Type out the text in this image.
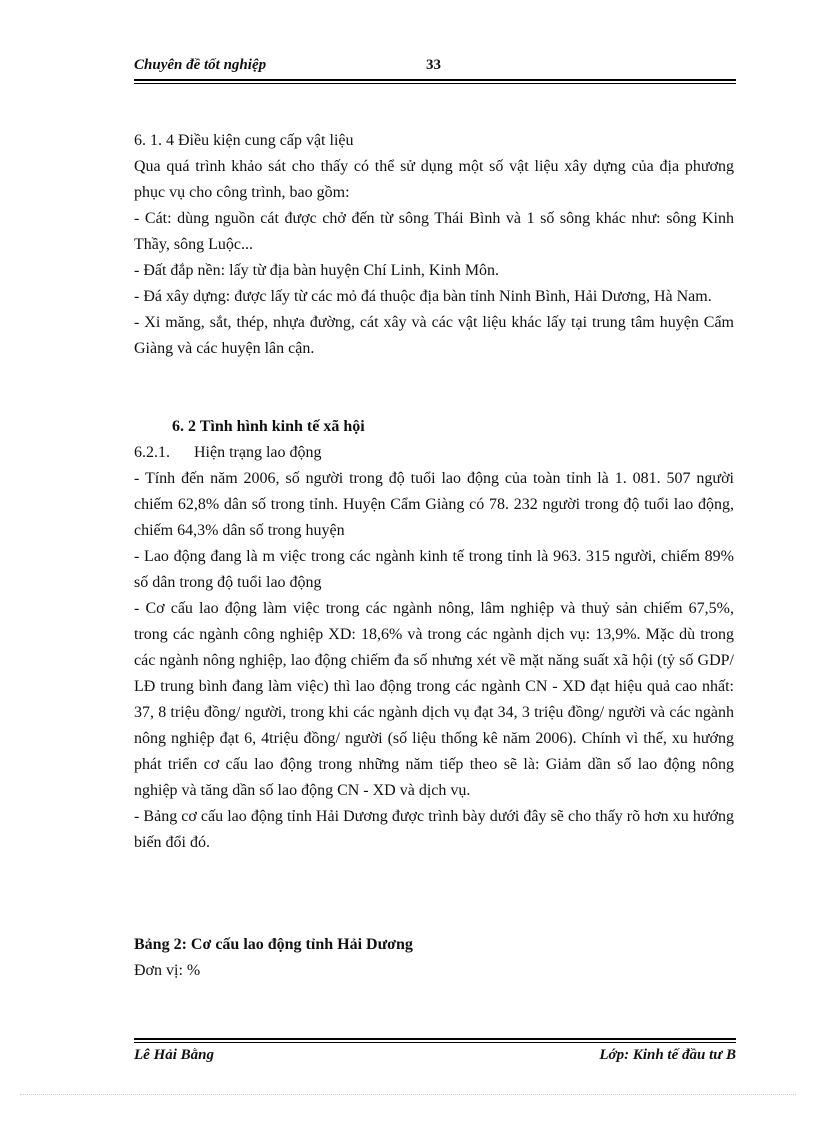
Chuyên đề tốt nghiệp	33

6. 1. 4 Điều kiện cung cấp vật liệu

Qua quá trình khảo sát cho thấy có thể sử dụng một số vật liệu xây dựng của địa phương phục vụ cho công trình, bao gồm:

- Cát: dùng nguồn cát được chở đến từ sông Thái Bình và 1 số sông khác như: sông Kinh Thầy, sông Luộc...

- Đất đắp nền: lấy từ địa bàn huyện Chí Linh, Kinh Môn.

- Đá xây dựng: được lấy từ các mỏ đá thuộc địa bàn tỉnh Ninh Bình, Hải Dương, Hà Nam.

- Xi măng, sắt, thép, nhựa đường, cát xây và các vật liệu khác lấy tại trung tâm huyện Cẩm Giàng và các huyện lân cận.

6. 2 Tình hình kinh tế xã hội

6.2.1.	Hiện trạng lao động

- Tính đến năm 2006, số người trong độ tuổi lao động của toàn tỉnh là 1. 081. 507 người chiếm 62,8% dân số trong tỉnh. Huyện Cẩm Giàng có 78. 232 người trong độ tuổi lao động, chiếm 64,3% dân số trong huyện

- Lao động đang là m việc trong các ngành kinh tế trong tỉnh là 963. 315 người, chiếm 89% số dân trong độ tuổi lao động

- Cơ cấu lao động làm việc trong các ngành nông, lâm nghiệp và thuỷ sản chiếm 67,5%, trong các ngành công nghiệp XD: 18,6% và trong các ngành dịch vụ: 13,9%. Mặc dù trong các ngành nông nghiệp, lao động chiếm đa số nhưng xét về mặt năng suất xã hội (tỷ số GDP/ LĐ trung bình đang làm việc) thì lao động trong các ngành CN - XD đạt hiệu quả cao nhất: 37, 8 triệu đồng/ người, trong khi các ngành dịch vụ đạt 34, 3 triệu đồng/ người và các ngành nông nghiệp đạt 6, 4triệu đồng/ người (số liệu thống kê năm 2006). Chính vì thế, xu hướng phát triển cơ cấu lao động trong những năm tiếp theo sẽ là: Giảm dần số lao động nông nghiệp và tăng dần số lao động CN - XD và dịch vụ.

- Bảng cơ cấu lao động tỉnh Hải Dương được trình bày dưới đây sẽ cho thấy rõ hơn xu hướng biến đổi đó.

Bảng 2: Cơ cấu lao động tỉnh Hải Dương

Đơn vị: %

Lê Hải Bằng	Lớp: Kinh tế đầu tư B
